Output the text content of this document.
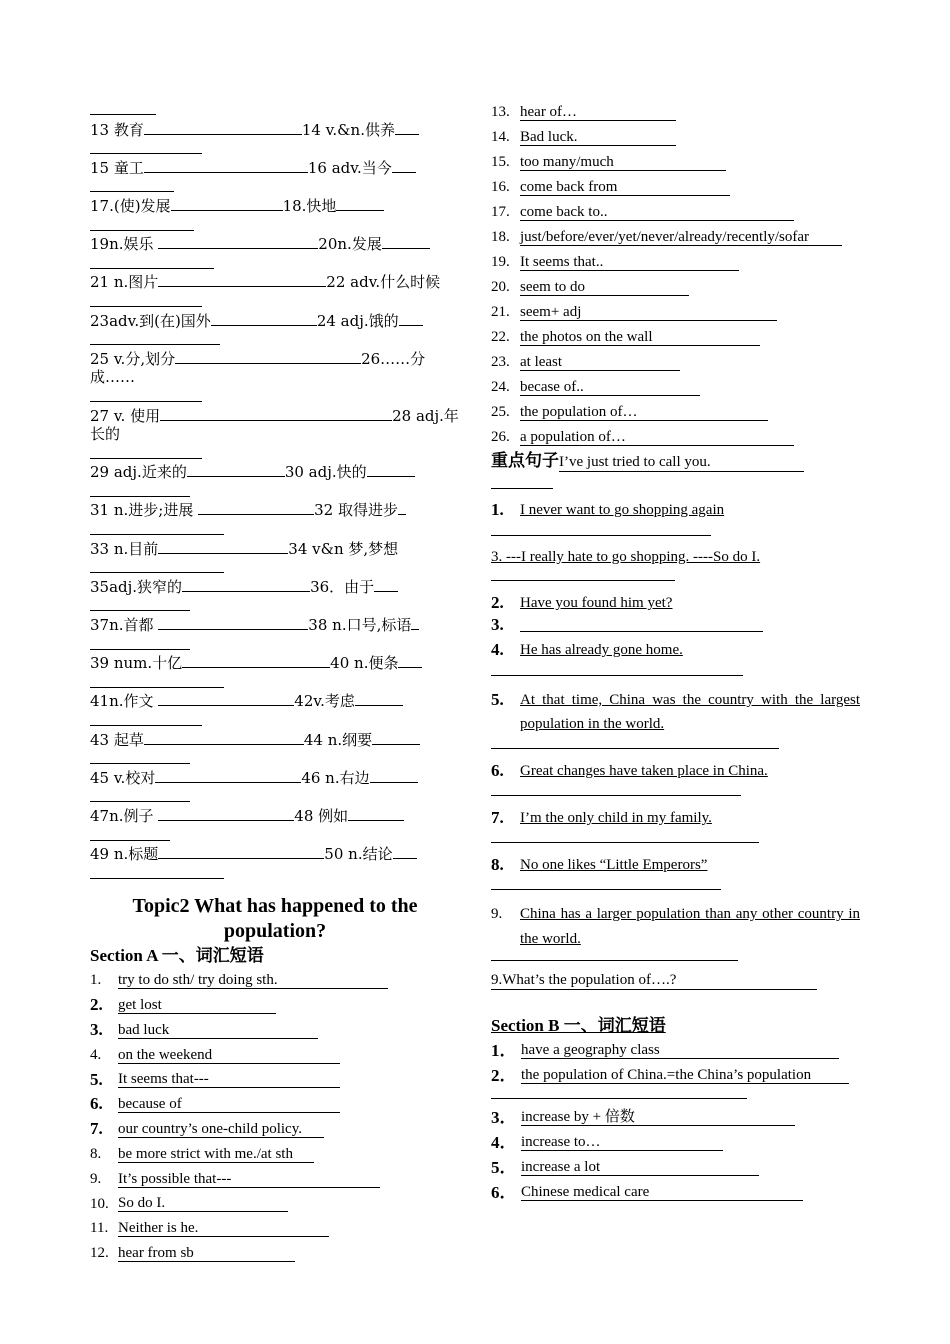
13 教育	14 v.&n.供养
15 童工	16 adv.当今
17.(使)发展	18.快地
19n.娱乐	20n.发展
21 n.图片	22 adv.什么时候
23adv.到(在)国外	24 adj.饿的
25 v.分,划分	26……分成……
27 v. 使用	28 adj.年长的
29 adj.近来的	30 adj.快的
31 n.进步;进展	32 取得进步
33 n.目前	34 v&n 梦,梦想
35adj.狭窄的	36．由于
37n.首都	38 n.口号,标语
39 num.十亿	40 n.便条
41n.作文	42v.考虑
43 起草	44 n.纲要
45 v.校对	46 n.右边
47n.例子	48 例如
49 n.标题	50 n.结论
Topic2 What has happened to the population?
Section A 一、词汇短语
1.	try to do sth/ try doing sth.
2.	get lost
3.	bad luck
4.	on the weekend
5.	It seems that---
6.	because of
7.	our country’s one-child policy.
8.	be more strict with me./at sth
9.	It’s possible that---
10. So do I.
11. Neither is he.
12. hear from sb
13. hear of…
14. Bad luck.
15. too many/much
16. come back from
17. come back to..
18. just/before/ever/yet/never/already/recently/sofar
19. It seems that..
20. seem to do
21. seem+ adj
22. the photos on the wall
23. at least
24. becase of..
25. the population of…
26. a population of…
重点句子 I’ve just tried to call you.
1.	I never want to go shopping again
3. ---I really hate to go shopping. ----So do I.
2.	Have you found him yet?
3.
4.	He has already gone home.
5.	At that time, China was the country with the largest population in the world.
6.	Great changes have taken place in China.
7.	I’m the only child in my family.
8.	No one likes “Little Emperors”
9.	China has a larger population than any other country in the world.
9.What’s the population of….?
Section B 一、词汇短语
1． have a geography class
2． the population of China.=the China’s population
3． increase by + 倍数
4． increase to…
5． increase a lot
6． Chinese medical care
